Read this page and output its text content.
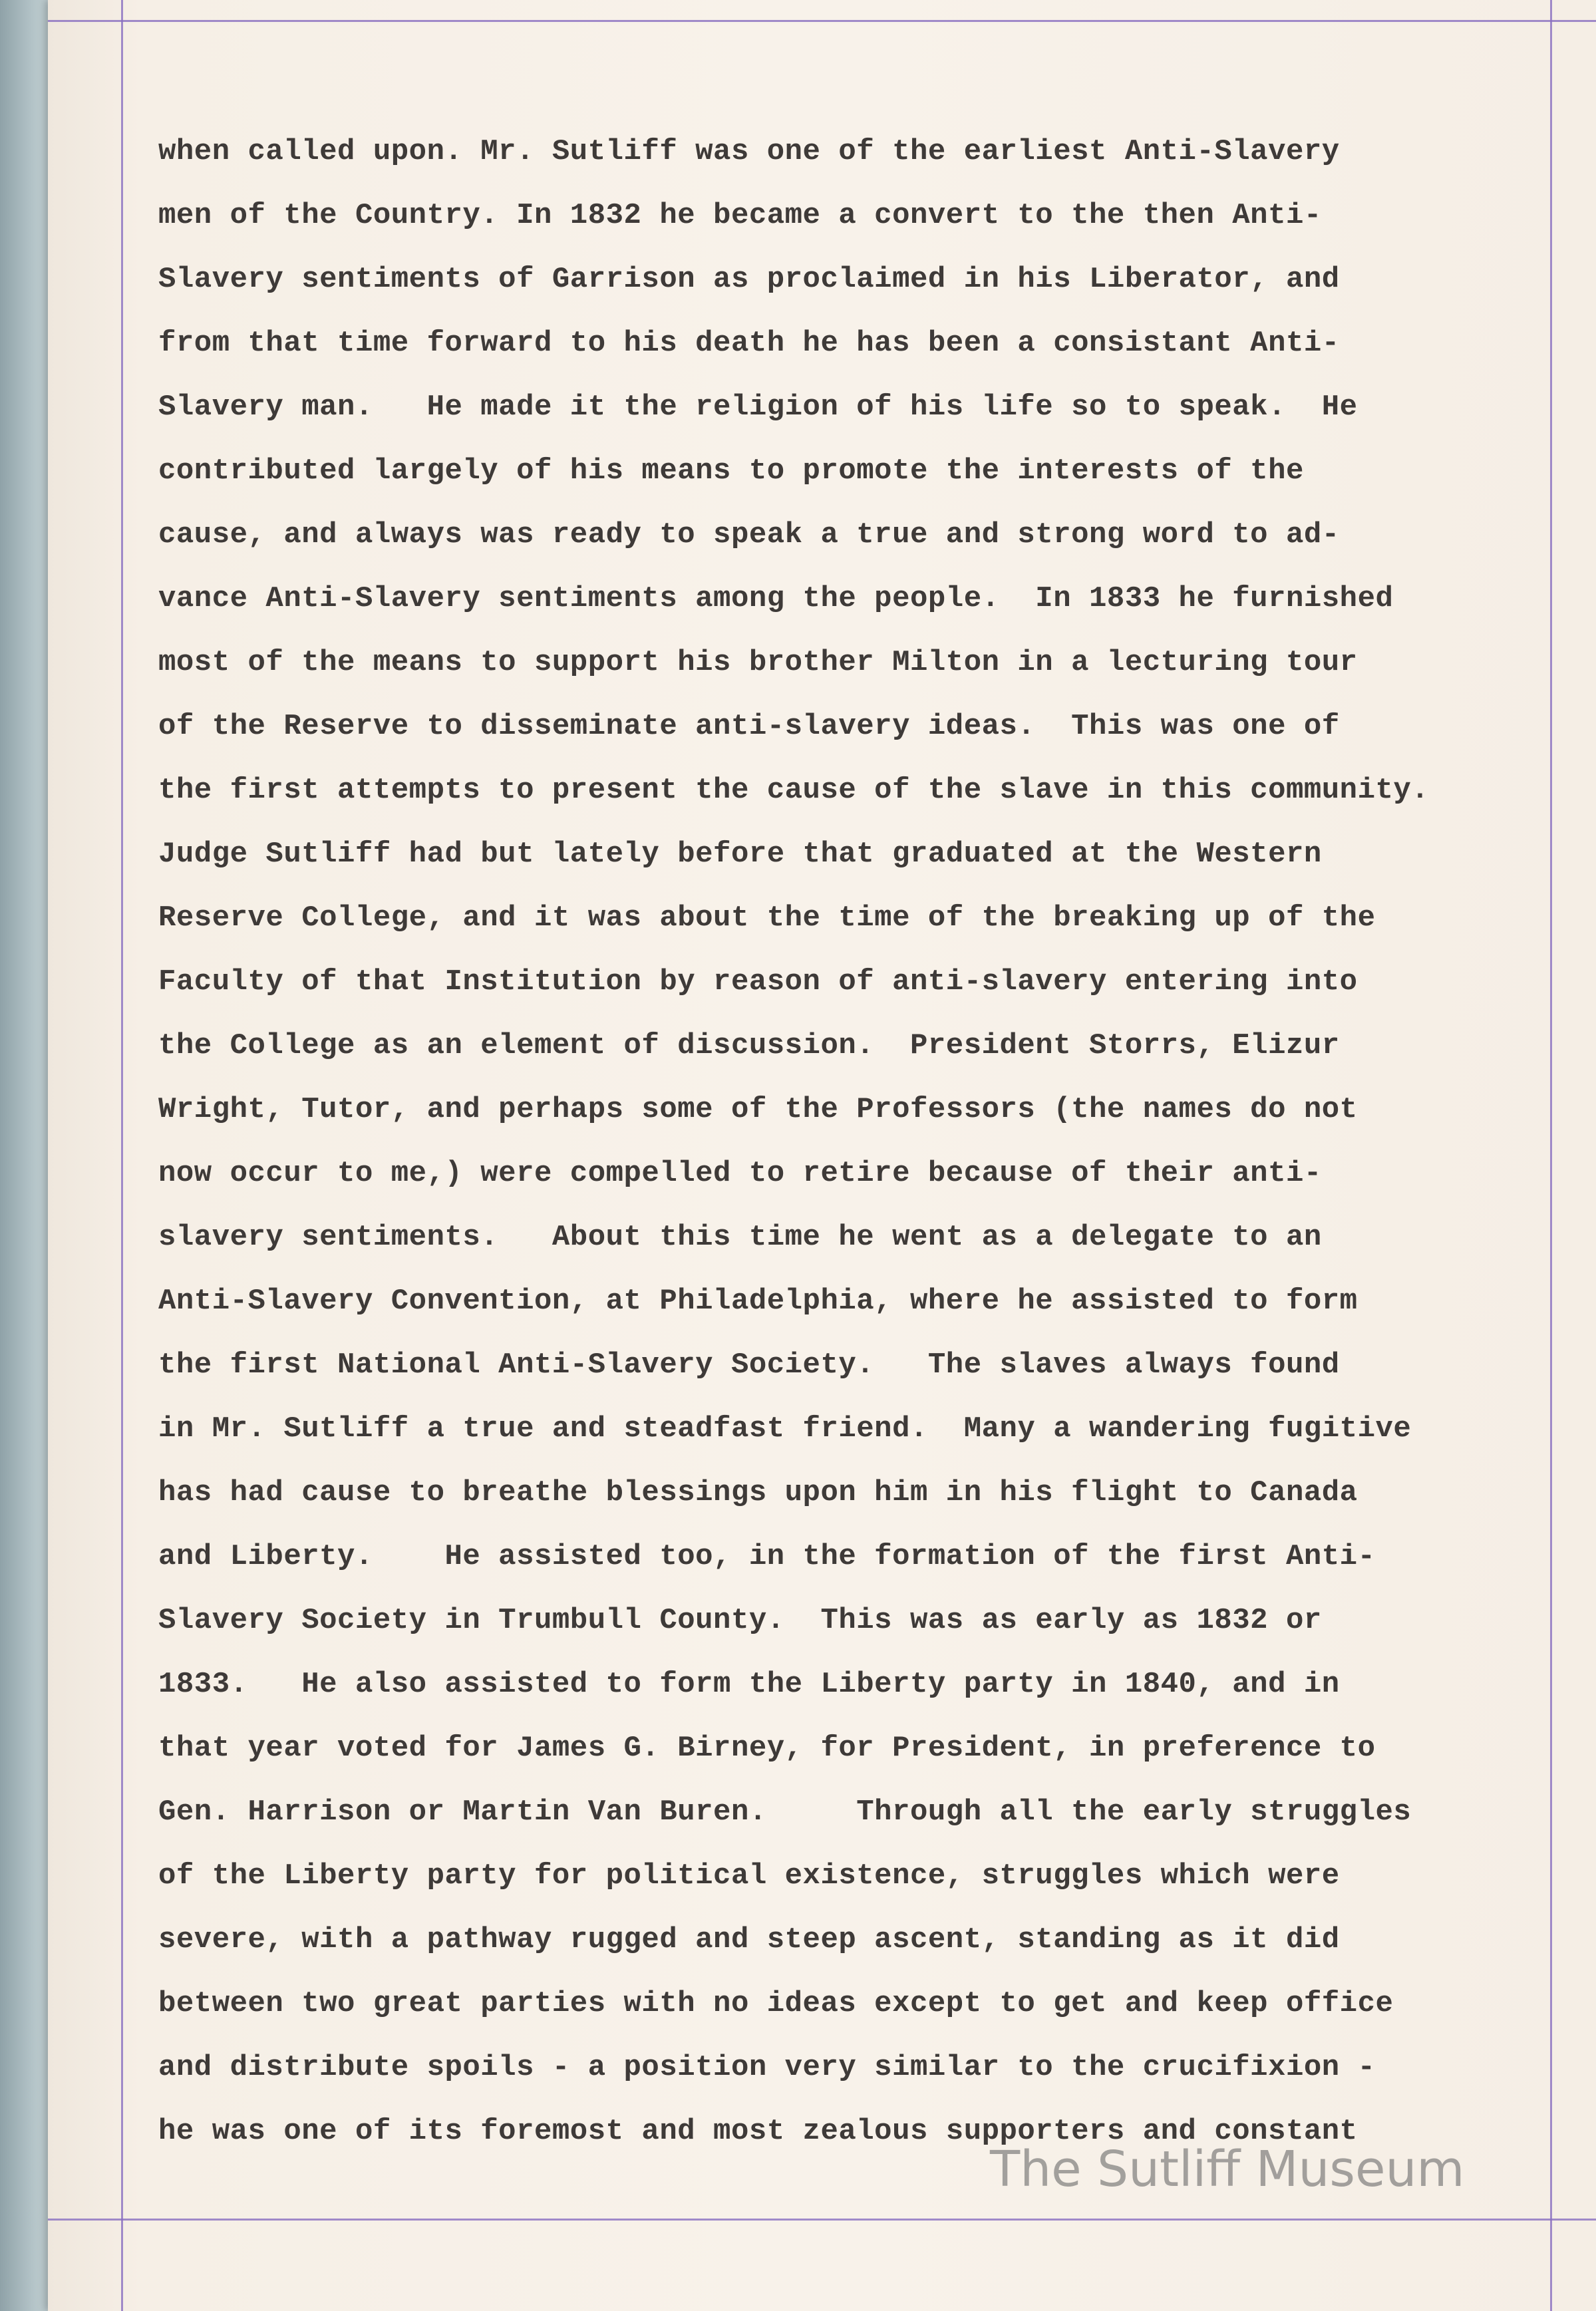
when called upon. Mr. Sutliff was one of the earliest Anti-Slavery
men of the Country. In 1832 he became a convert to the then Anti-
Slavery sentiments of Garrison as proclaimed in his Liberator, and
from that time forward to his death he has been a consistant Anti-
Slavery man.   He made it the religion of his life so to speak.  He
contributed largely of his means to promote the interests of the
cause, and always was ready to speak a true and strong word to ad-
vance Anti-Slavery sentiments among the people.  In 1833 he furnished
most of the means to support his brother Milton in a lecturing tour
of the Reserve to disseminate anti-slavery ideas.  This was one of
the first attempts to present the cause of the slave in this community.
Judge Sutliff had but lately before that graduated at the Western
Reserve College, and it was about the time of the breaking up of the
Faculty of that Institution by reason of anti-slavery entering into
the College as an element of discussion.  President Storrs, Elizur
Wright, Tutor, and perhaps some of the Professors (the names do not
now occur to me,) were compelled to retire because of their anti-
slavery sentiments.   About this time he went as a delegate to an
Anti-Slavery Convention, at Philadelphia, where he assisted to form
the first National Anti-Slavery Society.   The slaves always found
in Mr. Sutliff a true and steadfast friend.  Many a wandering fugitive
has had cause to breathe blessings upon him in his flight to Canada
and Liberty.    He assisted too, in the formation of the first Anti-
Slavery Society in Trumbull County.  This was as early as 1832 or
1833.   He also assisted to form the Liberty party in 1840, and in
that year voted for James G. Birney, for President, in preference to
Gen. Harrison or Martin Van Buren.     Through all the early struggles
of the Liberty party for political existence, struggles which were
severe, with a pathway rugged and steep ascent, standing as it did
between two great parties with no ideas except to get and keep office
and distribute spoils - a position very similar to the crucifixion -
he was one of its foremost and most zealous supporters and constant
The Sutliff Museum
